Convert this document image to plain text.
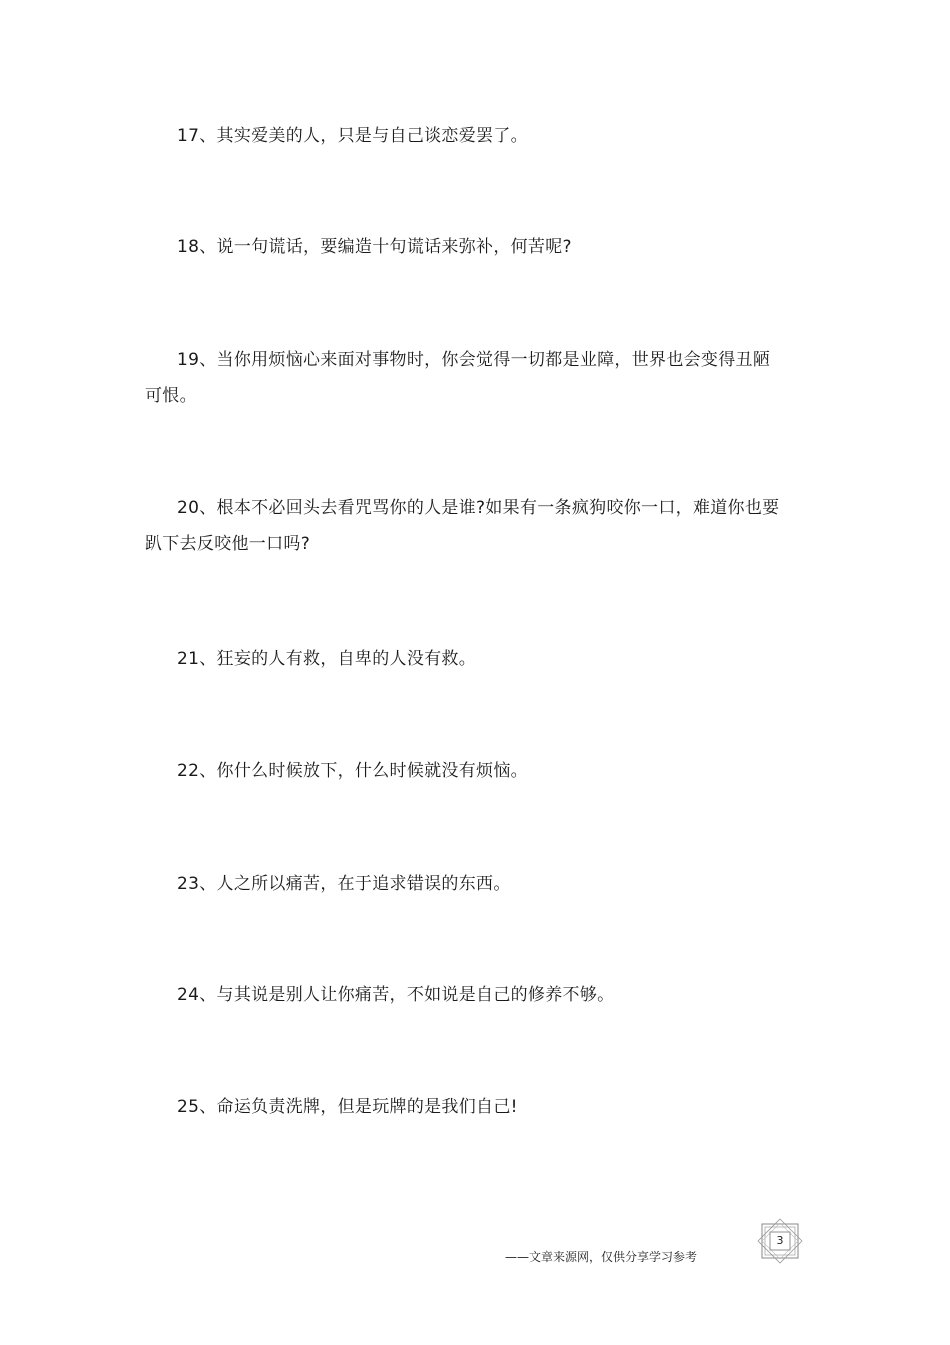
17、其实爱美的人，只是与自己谈恋爱罢了。

18、说一句谎话，要编造十句谎话来弥补，何苦呢?

19、当你用烦恼心来面对事物时，你会觉得一切都是业障，世界也会变得丑陋可恨。

20、根本不必回头去看咒骂你的人是谁?如果有一条疯狗咬你一口，难道你也要趴下去反咬他一口吗?

21、狂妄的人有救，自卑的人没有救。

22、你什么时候放下，什么时候就没有烦恼。

23、人之所以痛苦，在于追求错误的东西。

24、与其说是别人让你痛苦，不如说是自己的修养不够。

25、命运负责洗牌，但是玩牌的是我们自己!

——文章来源网，仅供分享学习参考
3
